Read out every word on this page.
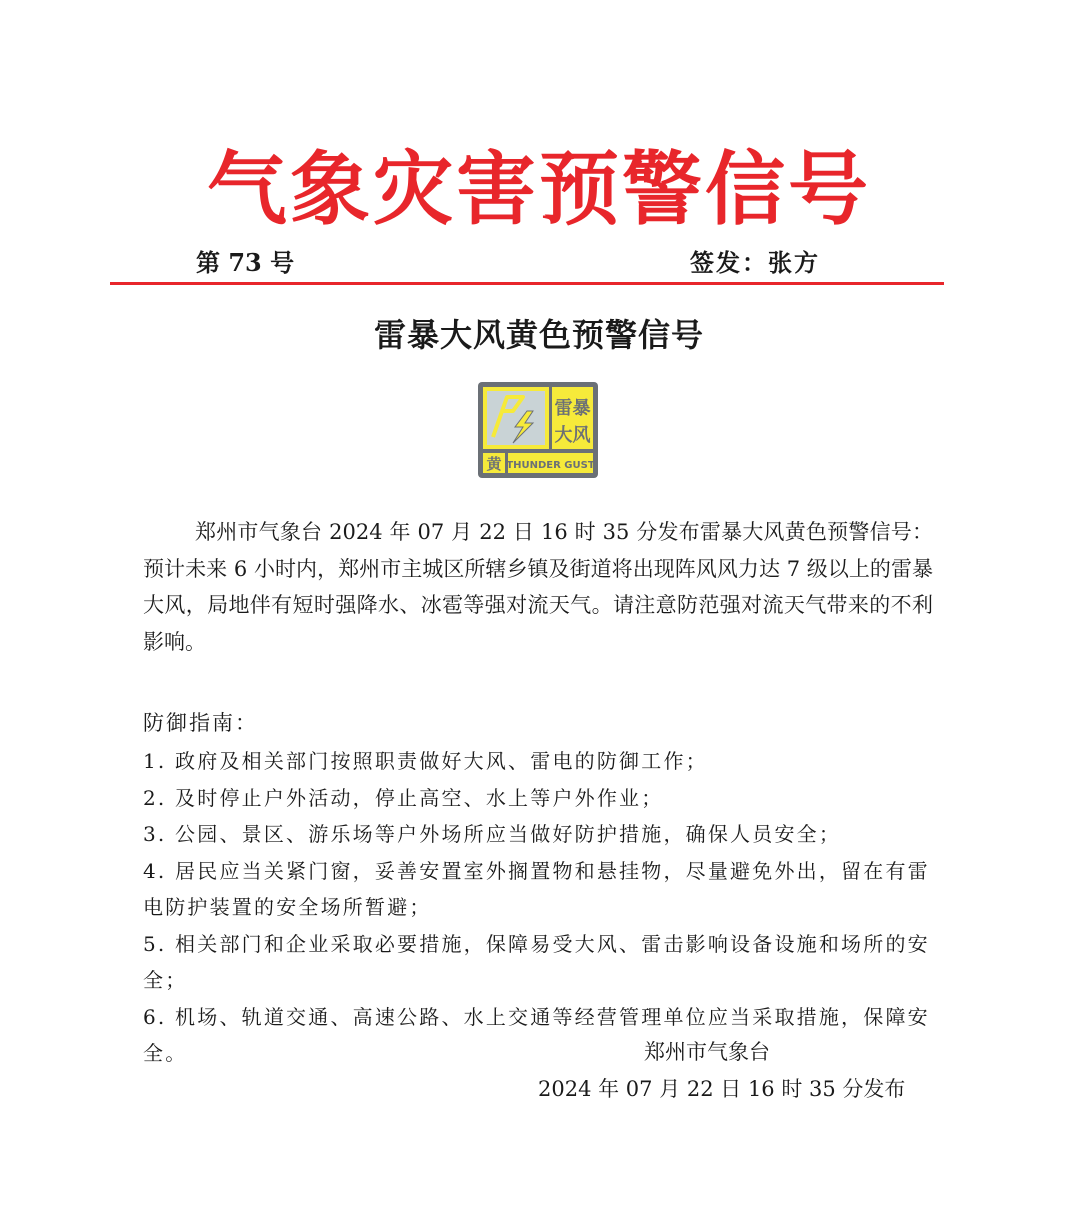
气象灾害预警信号
第 73 号	签发：张方
雷暴大风黄色预警信号
雷暴
大风
黄 THUNDER GUST
郑州市气象台 2024 年 07 月 22 日 16 时 35 分发布雷暴大风黄色预警信号：预计未来 6 小时内，郑州市主城区所辖乡镇及街道将出现阵风风力达 7 级以上的雷暴大风，局地伴有短时强降水、冰雹等强对流天气。请注意防范强对流天气带来的不利影响。
防御指南：
1. 政府及相关部门按照职责做好大风、雷电的防御工作；
2. 及时停止户外活动，停止高空、水上等户外作业；
3. 公园、景区、游乐场等户外场所应当做好防护措施，确保人员安全；
4. 居民应当关紧门窗，妥善安置室外搁置物和悬挂物，尽量避免外出，留在有雷电防护装置的安全场所暂避；
5. 相关部门和企业采取必要措施，保障易受大风、雷击影响设备设施和场所的安全；
6. 机场、轨道交通、高速公路、水上交通等经营管理单位应当采取措施，保障安全。	郑州市气象台
2024 年 07 月 22 日 16 时 35 分发布
